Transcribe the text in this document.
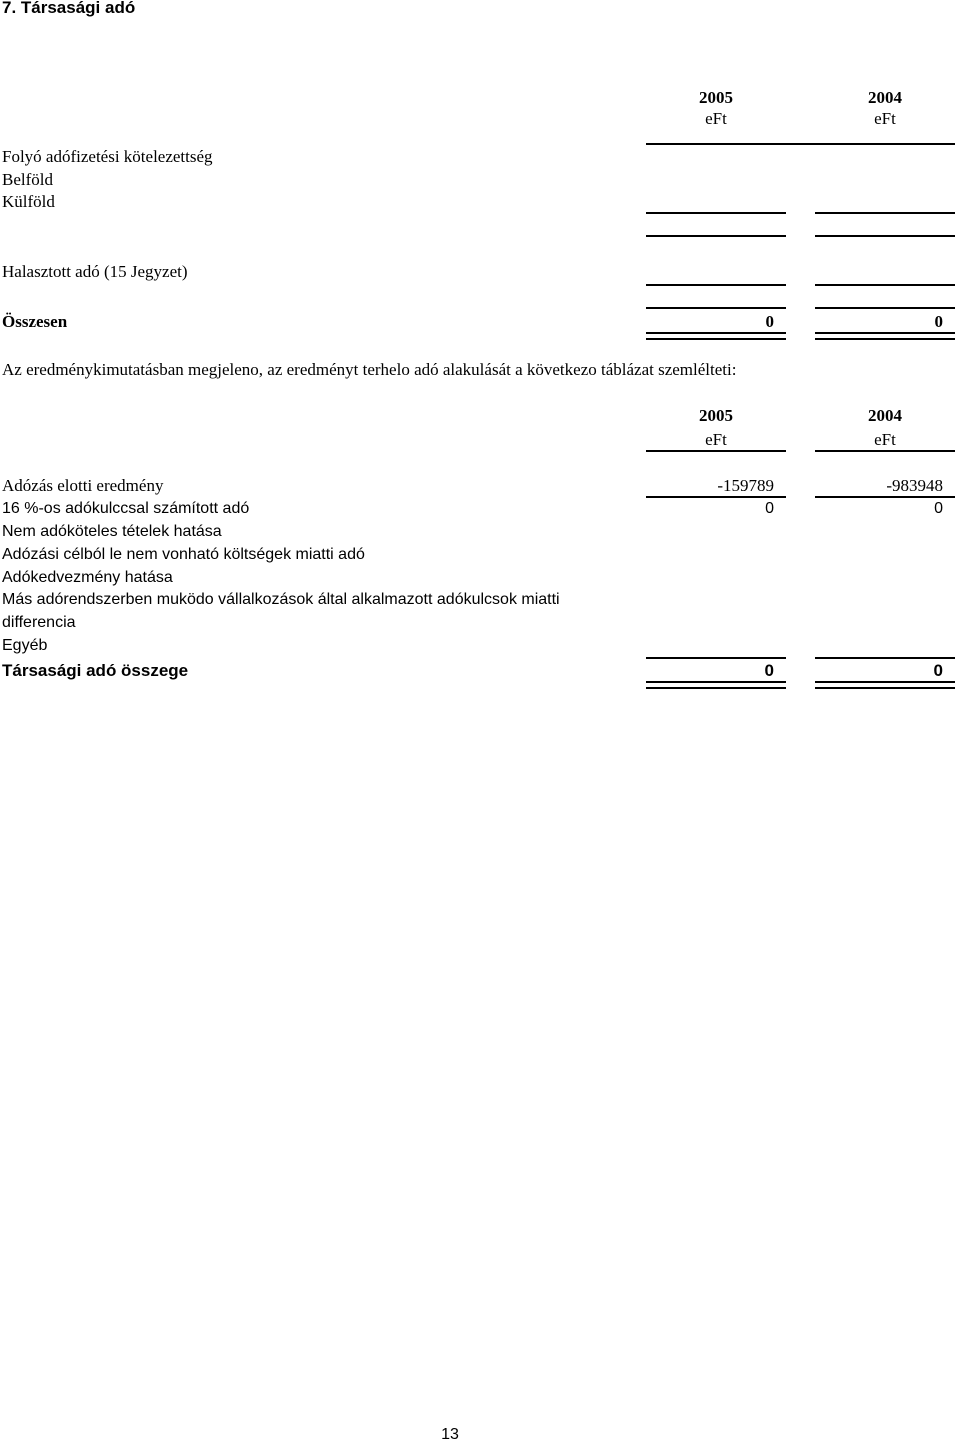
7. Társasági adó
2005	2004
eFt	eFt
Folyó adófizetési kötelezettség
Belföld
Külföld
Halasztott adó (15 Jegyzet)
Összesen	0	0
Az eredménykimutatásban megjeleno, az eredményt terhelo adó alakulását a következo táblázat szemlélteti:
2005	2004
eFt	eFt
Adózás elotti eredmény	-159789	-983948
16 %-os adókulccsal számított adó	0	0
Nem adóköteles tételek hatása
Adózási célból le nem vonható költségek miatti adó
Adókedvezmény hatása
Más adórendszerben muködo vállalkozások által alkalmazott adókulcsok miatti
differencia
Egyéb
Társasági adó összege	0	0
13
